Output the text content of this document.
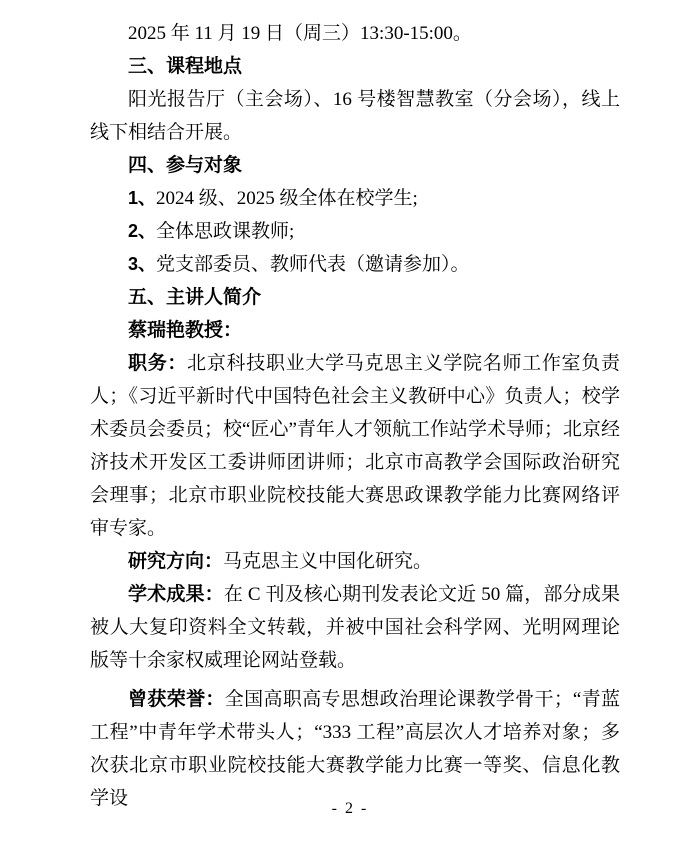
2025 年 11 月 19 日（周三）13:30-15:00。

三、课程地点

阳光报告厅（主会场）、16 号楼智慧教室（分会场），线上线下相结合开展。

四、参与对象

1、2024 级、2025 级全体在校学生;

2、全体思政课教师;

3、党支部委员、教师代表（邀请参加）。

五、主讲人简介

蔡瑞艳教授：

职务：北京科技职业大学马克思主义学院名师工作室负责人；《习近平新时代中国特色社会主义教研中心》负责人；校学术委员会委员；校“匠心”青年人才领航工作站学术导师；北京经济技术开发区工委讲师团讲师；北京市高教学会国际政治研究会理事；北京市职业院校技能大赛思政课教学能力比赛网络评审专家。

研究方向：马克思主义中国化研究。

学术成果：在 C 刊及核心期刊发表论文近 50 篇，部分成果被人大复印资料全文转载，并被中国社会科学网、光明网理论版等十余家权威理论网站登载。

曾获荣誉：全国高职高专思想政治理论课教学骨干；“青蓝工程”中青年学术带头人；“333 工程”高层次人才培养对象；多次获北京市职业院校技能大赛教学能力比赛一等奖、信息化教学设	- 2 -
